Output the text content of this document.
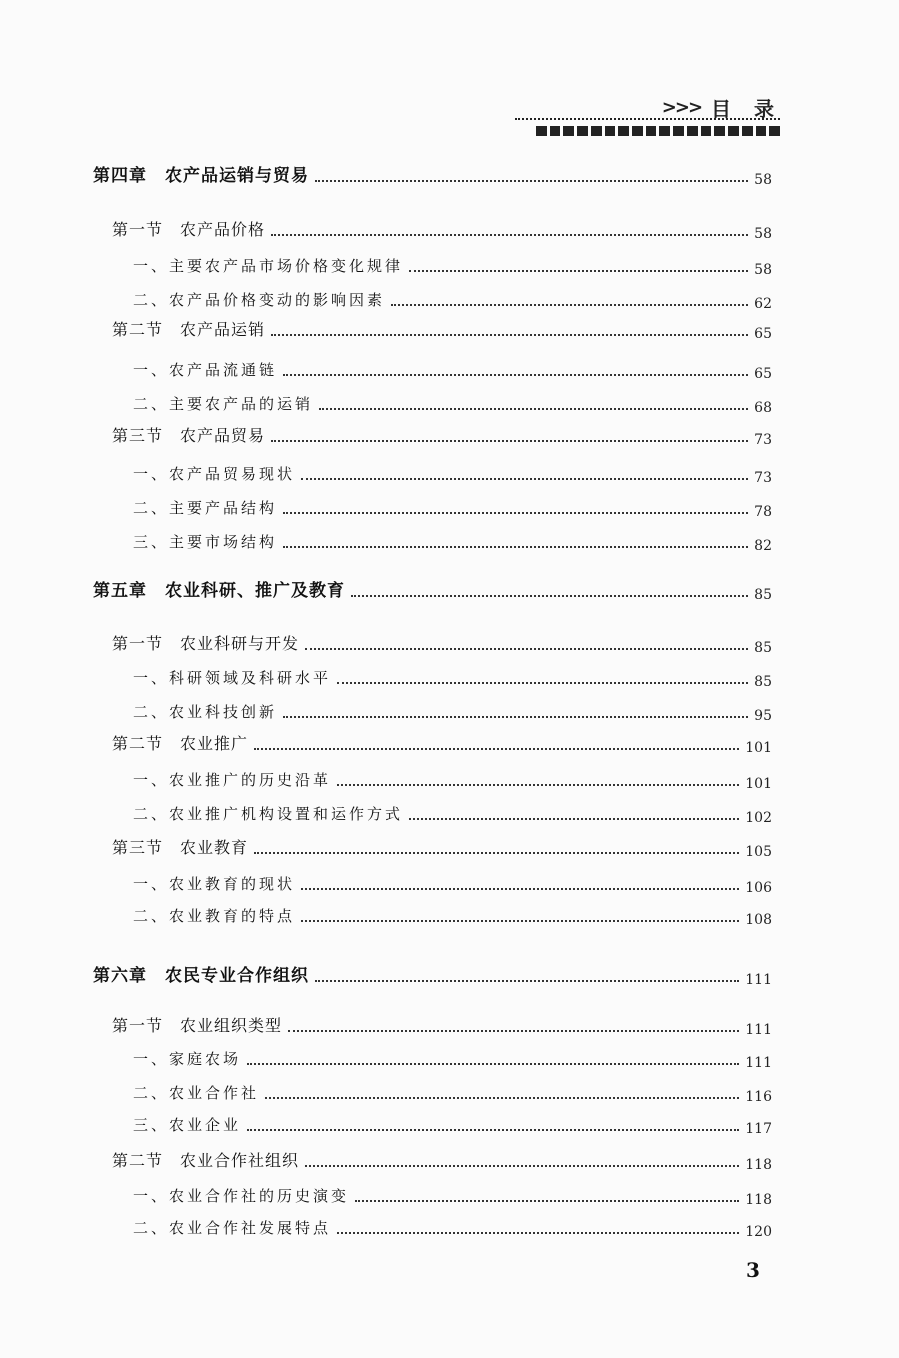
>>> 目 录
第四章　农产品运销与贸易	58
第一节　农产品价格	58
一、主要农产品市场价格变化规律	58
二、农产品价格变动的影响因素	62
第二节　农产品运销	65
一、农产品流通链	65
二、主要农产品的运销	68
第三节　农产品贸易	73
一、农产品贸易现状	73
二、主要产品结构	78
三、主要市场结构	82
第五章　农业科研、推广及教育	85
第一节　农业科研与开发	85
一、科研领域及科研水平	85
二、农业科技创新	95
第二节　农业推广	101
一、农业推广的历史沿革	101
二、农业推广机构设置和运作方式	102
第三节　农业教育	105
一、农业教育的现状	106
二、农业教育的特点	108
第六章　农民专业合作组织	111
第一节　农业组织类型	111
一、家庭农场	111
二、农业合作社	116
三、农业企业	117
第二节　农业合作社组织	118
一、农业合作社的历史演变	118
二、农业合作社发展特点	120
3
